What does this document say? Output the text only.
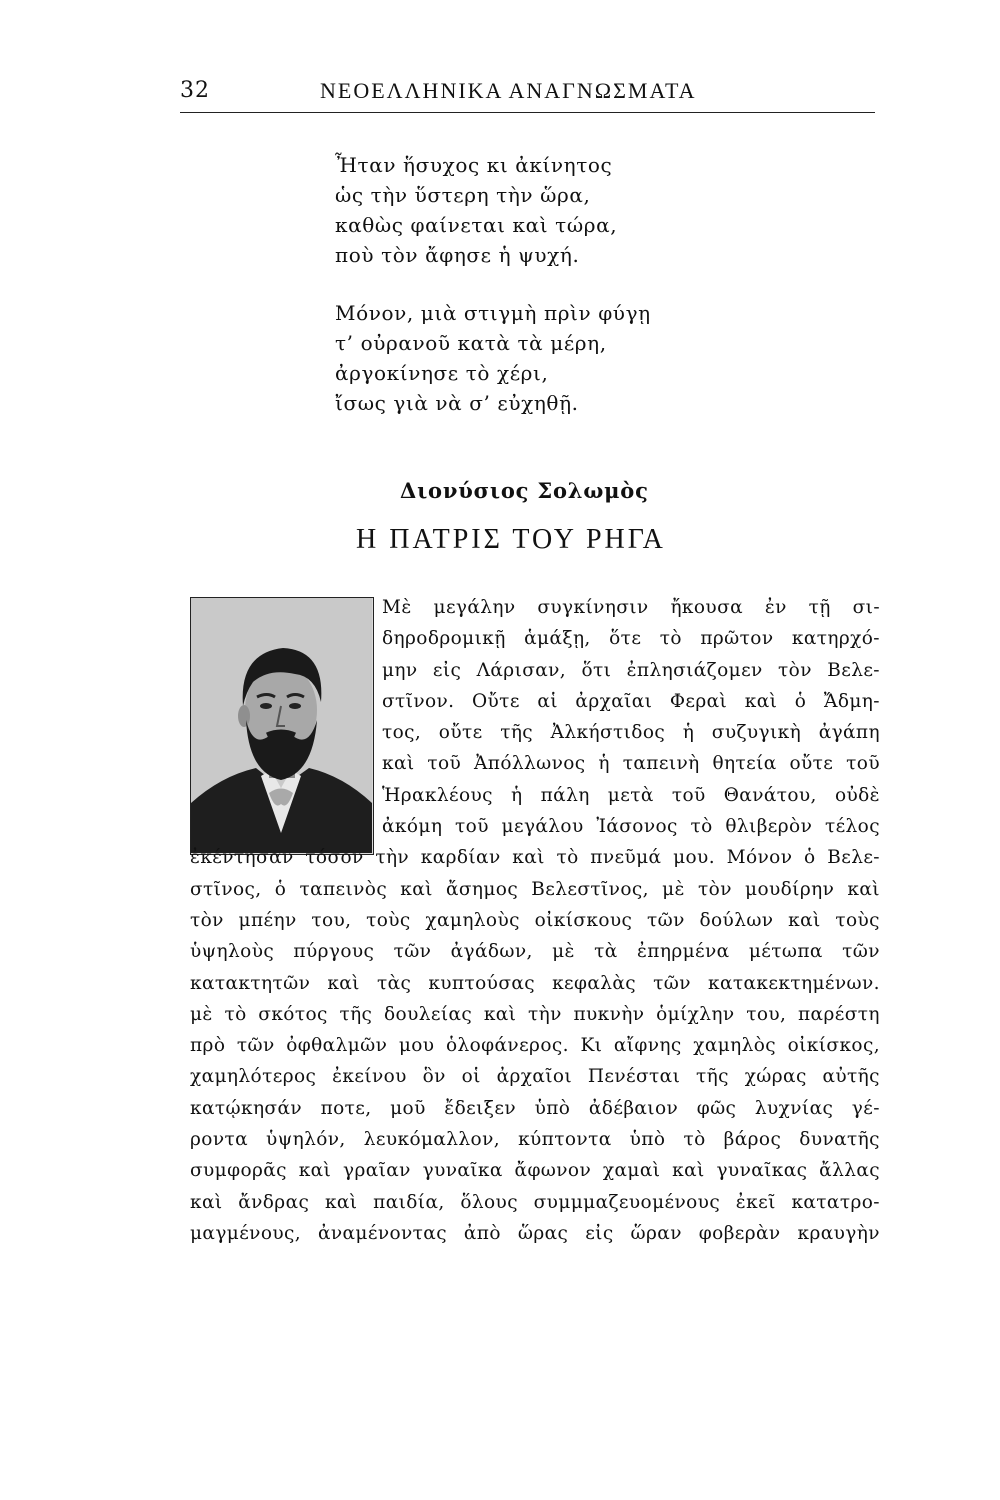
32	ΝΕΟΕΛΛΗΝΙΚΑ ΑΝΑΓΝΩΣΜΑΤΑ
Ἦταν ἥσυχος κι ἀκίνητος
ὡς τὴν ὕστερη τὴν ὥρα,
καθὼς φαίνεται καὶ τώρα,
ποὺ τὸν ἄφησε ἡ ψυχή.
Μόνον, μιὰ στιγμὴ πρὶν φύγῃ
τ’ οὐρανοῦ κατὰ τὰ μέρη,
ἀργοκίνησε τὸ χέρι,
ἴσως γιὰ νὰ σ’ εὐχηθῇ.
Διονύσιος Σολωμὸς
Η ΠΑΤΡΙΣ ΤΟΥ ΡΗΓΑ
Μὲ μεγάλην συγκίνησιν ἤκουσα ἐν τῇ σι-
δηροδρομικῇ ἁμάξῃ, ὅτε τὸ πρῶτον κατηρχό-
μην εἰς Λάρισαν, ὅτι ἐπλησιάζομεν τὸν Βελε-
στῖνον. Οὔτε αἱ ἀρχαῖαι Φεραὶ καὶ ὁ Ἄδμη-
τος, οὔτε τῆς Ἀλκήστιδος ἡ συζυγικὴ ἀγάπη
καὶ τοῦ Ἀπόλλωνος ἡ ταπεινὴ θητεία οὔτε τοῦ
Ἡρακλέους ἡ πάλη μετὰ τοῦ Θανάτου, οὐδὲ
ἀκόμη τοῦ μεγάλου Ἰάσονος τὸ θλιβερὸν τέλος
ἐκέντησαν τόσον τὴν καρδίαν καὶ τὸ πνεῦμά μου. Μόνον ὁ Βελε-
στῖνος, ὁ ταπεινὸς καὶ ἄσημος Βελεστῖνος, μὲ τὸν μουδίρην καὶ
τὸν μπέην του, τοὺς χαμηλοὺς οἰκίσκους τῶν δούλων καὶ τοὺς
ὑψηλοὺς πύργους τῶν ἀγάδων, μὲ τὰ ἐπηρμένα μέτωπα τῶν
κατακτητῶν καὶ τὰς κυπτούσας κεφαλὰς τῶν κατακεκτημένων.
μὲ τὸ σκότος τῆς δουλείας καὶ τὴν πυκνὴν ὁμίχλην του, παρέστη
πρὸ τῶν ὀφθαλμῶν μου ὁλοφάνερος. Κι αἴφνης χαμηλὸς οἰκίσκος,
χαμηλότερος ἐκείνου ὃν οἱ ἀρχαῖοι Πενέσται τῆς χώρας αὐτῆς
κατῴκησάν ποτε, μοῦ ἔδειξεν ὑπὸ ἀδέβαιον φῶς λυχνίας γέ-
ροντα ὑψηλόν, λευκόμαλλον, κύπτοντα ὑπὸ τὸ βάρος δυνατῆς
συμφορᾶς καὶ γραῖαν γυναῖκα ἄφωνον χαμαὶ καὶ γυναῖκας ἄλλας
καὶ ἄνδρας καὶ παιδία, ὅλους συμμμαζευομένους ἐκεῖ κατατρο-
μαγμένους, ἀναμένοντας ἀπὸ ὥρας εἰς ὥραν φοβερὰν κραυγὴν
